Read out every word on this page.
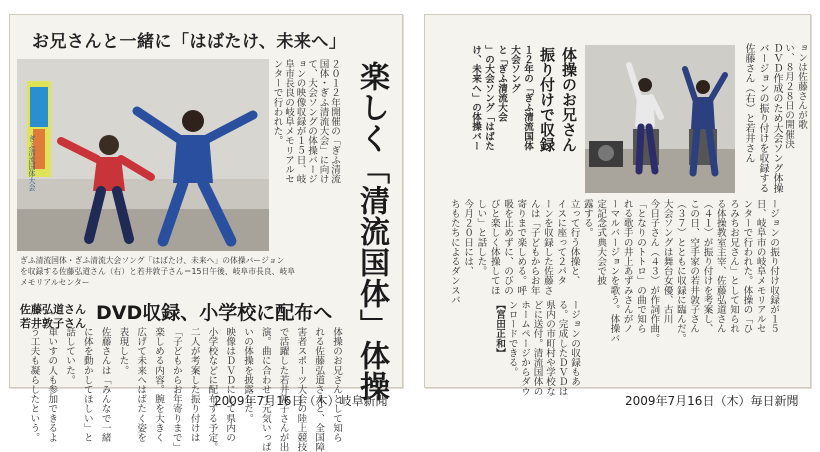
お兄さんと一緒に「はばたけ、未来へ」
ぎふ清流国体大会
ぎふ清流国体・ぎふ清流大会ソング「はばたけ、未来へ」の体操バージョン
を収録する佐藤弘道さん（右）と若井敦子さん＝15日午後、岐阜市長良、岐阜
メモリアルセンター
２０１２年開催の「ぎふ清流
国体・ぎふ清流大会」に向け
て、大会ソングの体操バージ
ョンの映像収録が１５日、岐
阜市長良の岐阜メモリアルセ
ンターで行われた。	楽しく「清流国体」体操
佐藤弘道さん
若井敦子さん DVD収録、小学校に配布へ
体操のお兄さんとして知ら
れる佐藤弘道さんと、全国障
害者スポーツ大会の陸上競技
で活躍した若井敦子さんが出
演。曲に合わせて元気いっぱ
いの体操を披露した。
映像はＤＶＤにして県内の
小学校などに配布する予定。
二人が考案した振り付けは
「子どもからお年寄りまで」
楽しめる内容。腕を大きく
広げて未来へはばたく姿を
表現した。
佐藤さんは「みんなで一緒
に体を動かしてほしい」と
話していた。
車いすの人も参加できるよ
う工夫も凝らしたという。	2009年7月16日（木）岐阜新聞
ＤＶＤ作成のため大会ソング体操
バージョンの振り付けを収録する
佐藤さん（右）と若井さん	ョンは佐藤さんが歌
い、８月２８日の開催決
体操のお兄さん
振り付けで収録
１２年の「ぎふ清流国体
大会ソング
と「ぎふ清流大会
」の大会ソング「はばた
け、未来へ」の体操バー
ージョンの振り付け収録が１５
日、岐阜市の岐阜メモリアルセ
ンターで行われた。体操の「ひ
ろみちお兄さん」として知られ
る体操教室主宰、佐藤弘道さん
（４１）が振り付けを考案し、
この日、空手家の若井敦子さん
（３７）とともに収録に臨んだ。
大会ソングは舞台女優、古川
今日子さん（４３）が作詞作曲。
「となりのトトロ」の曲で知ら
れる歌手の井上あずみさんがノ
ーマルバージョンを歌う。体操バ
定記念式典大会で披
露する。
立って行う体操と、
イスに座って２パタ
ーンを収録した佐藤さ
んは「子どもからお年
寄りまで楽しめる。呼
吸を止めずに、のびの
びと楽しく体操してほ
しい」と話した。
今月２０日には、
ちもたちによるダンスバ
2009年7月16日（木）毎日新聞
ージョンの収録もあ
る。完成したＤＶＤは
県内の市町村や学校な
どに送付。清流国体の
ホームページからダウ
ンロードできる。
【宮田正和】
